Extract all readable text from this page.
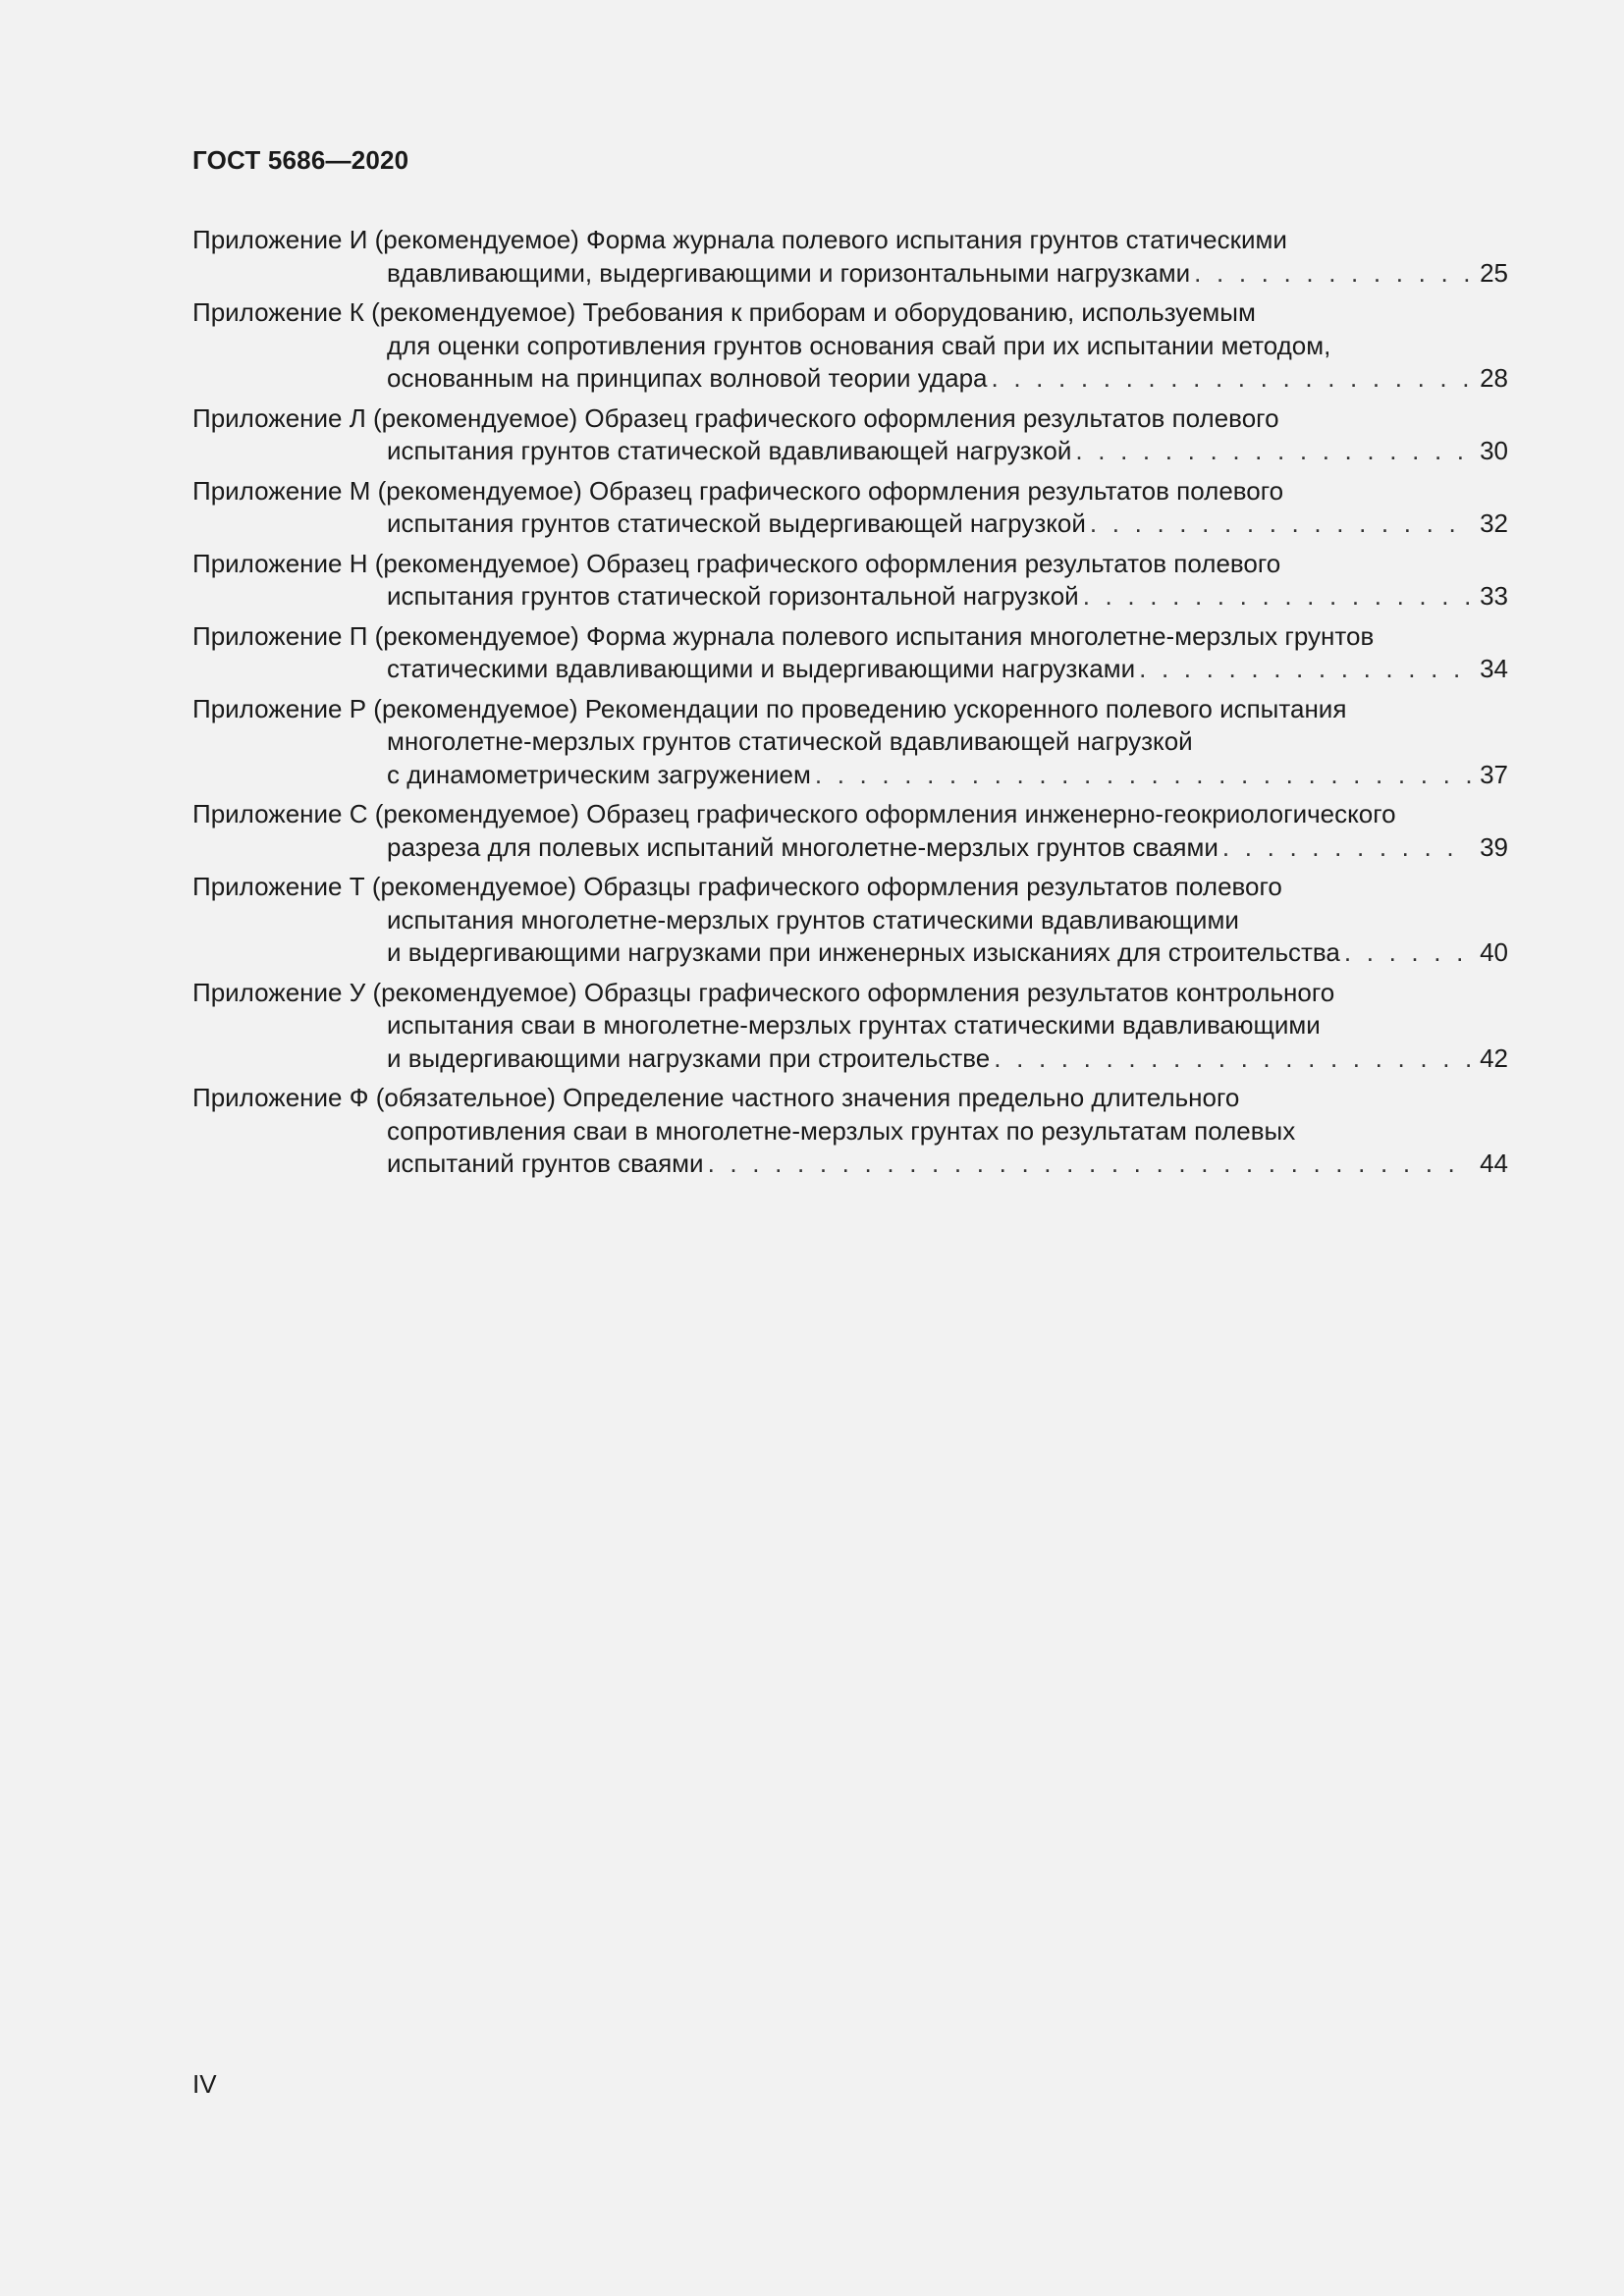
ГОСТ 5686—2020
Приложение И (рекомендуемое) Форма журнала полевого испытания грунтов статическими
вдавливающими, выдергивающими и горизонтальными нагрузками . . .	25
Приложение К (рекомендуемое) Требования к приборам и оборудованию, используемым
для оценки сопротивления грунтов основания свай при их испытании методом,
основанным на принципах волновой теории удара . . .	28
Приложение Л (рекомендуемое) Образец графического оформления результатов полевого
испытания грунтов статической вдавливающей нагрузкой . . .	30
Приложение М (рекомендуемое) Образец графического оформления результатов полевого
испытания грунтов статической выдергивающей нагрузкой . . .	32
Приложение Н (рекомендуемое) Образец графического оформления результатов полевого
испытания грунтов статической горизонтальной нагрузкой . . .	33
Приложение П (рекомендуемое) Форма журнала полевого испытания многолетне-мерзлых грунтов
статическими вдавливающими и выдергивающими нагрузками . . .	34
Приложение Р (рекомендуемое) Рекомендации по проведению ускоренного полевого испытания
многолетне-мерзлых грунтов статической вдавливающей нагрузкой
с динамометрическим загружением . . .	37
Приложение С (рекомендуемое) Образец графического оформления инженерно-геокриологического
разреза для полевых испытаний многолетне-мерзлых грунтов сваями . . .	39
Приложение Т (рекомендуемое) Образцы графического оформления результатов полевого
испытания многолетне-мерзлых грунтов статическими вдавливающими
и выдергивающими нагрузками при инженерных изысканиях для строительства . . .	40
Приложение У (рекомендуемое) Образцы графического оформления результатов контрольного
испытания сваи в многолетне-мерзлых грунтах статическими вдавливающими
и выдергивающими нагрузками при строительстве . . .	42
Приложение Ф (обязательное) Определение частного значения предельно длительного
сопротивления сваи в многолетне-мерзлых грунтах по результатам полевых
испытаний грунтов сваями . . .	44
IV
